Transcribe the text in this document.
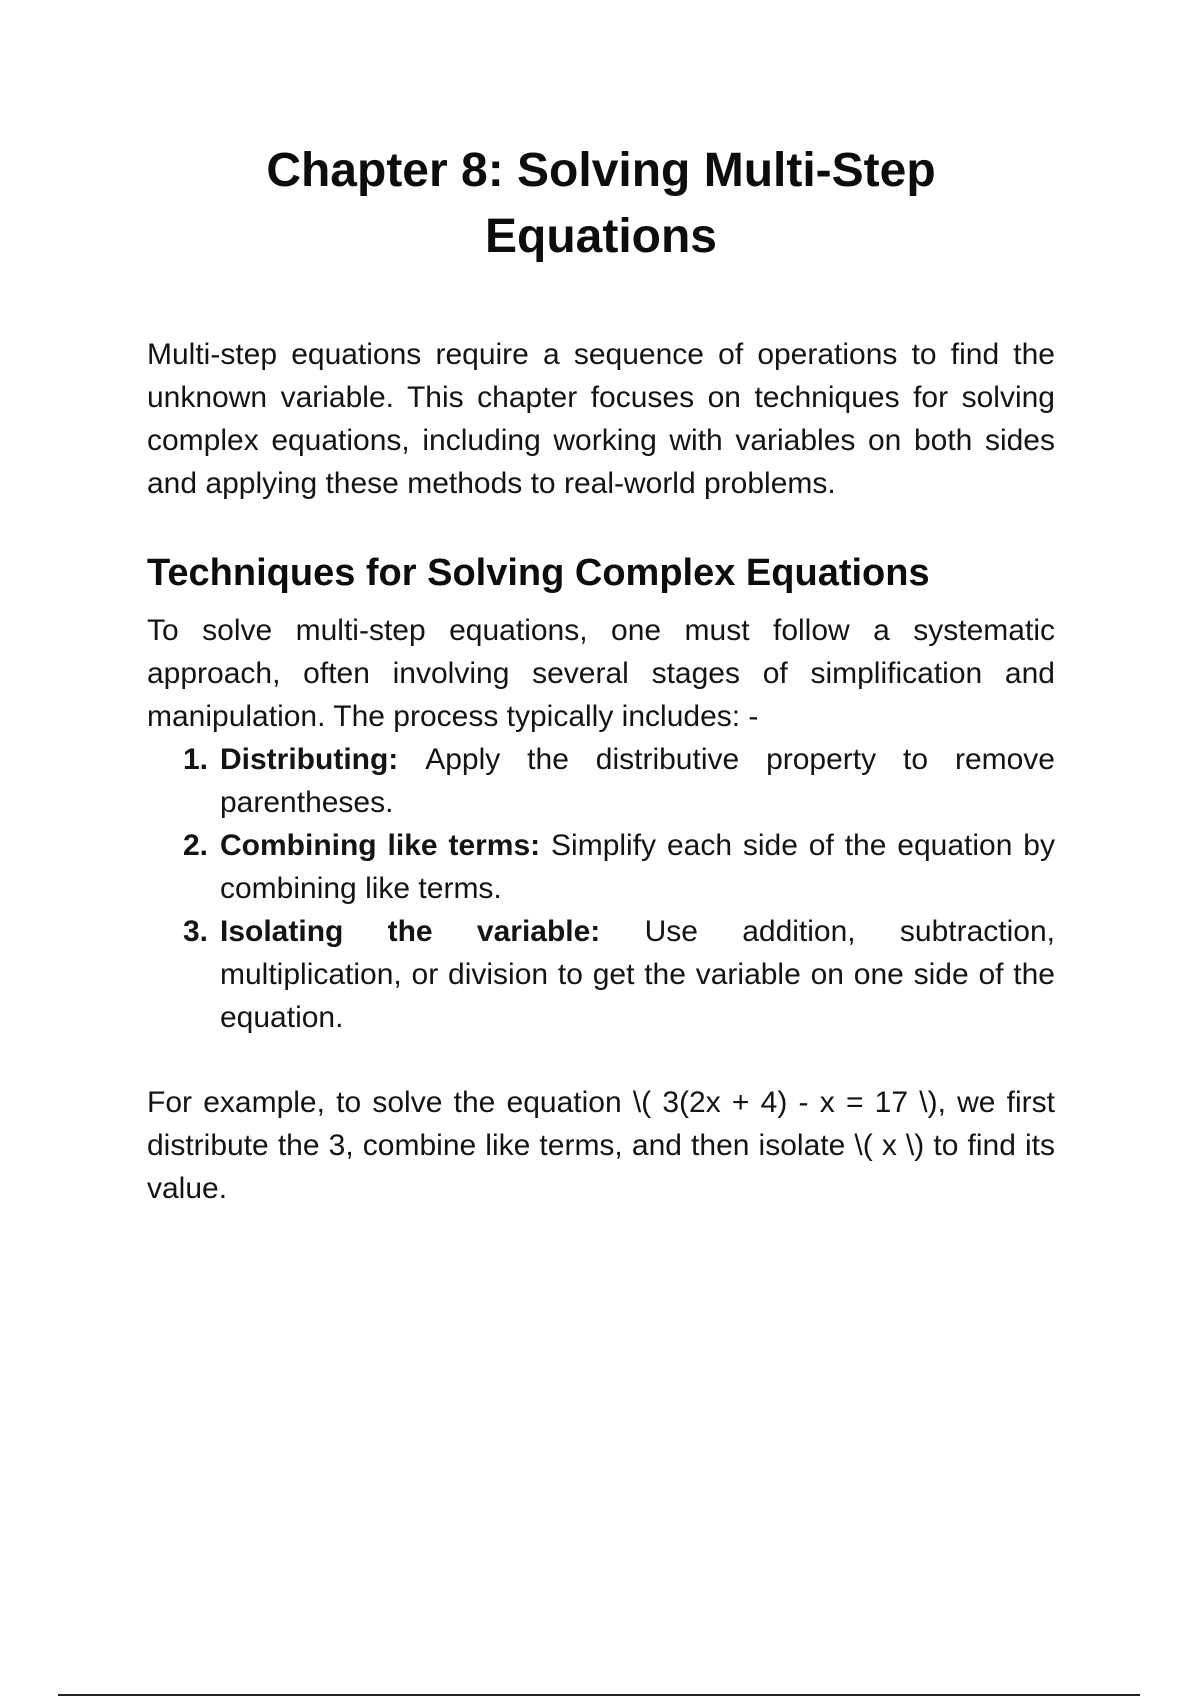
Chapter 8: Solving Multi-Step Equations

Multi-step equations require a sequence of operations to find the unknown variable. This chapter focuses on techniques for solving complex equations, including working with variables on both sides and applying these methods to real-world problems.

Techniques for Solving Complex Equations

To solve multi-step equations, one must follow a systematic approach, often involving several stages of simplification and manipulation. The process typically includes: -

1. Distributing: Apply the distributive property to remove parentheses.
2. Combining like terms: Simplify each side of the equation by combining like terms.
3. Isolating the variable: Use addition, subtraction, multiplication, or division to get the variable on one side of the equation.

For example, to solve the equation \( 3(2x + 4) - x = 17 \), we first distribute the 3, combine like terms, and then isolate \( x \) to find its value.
